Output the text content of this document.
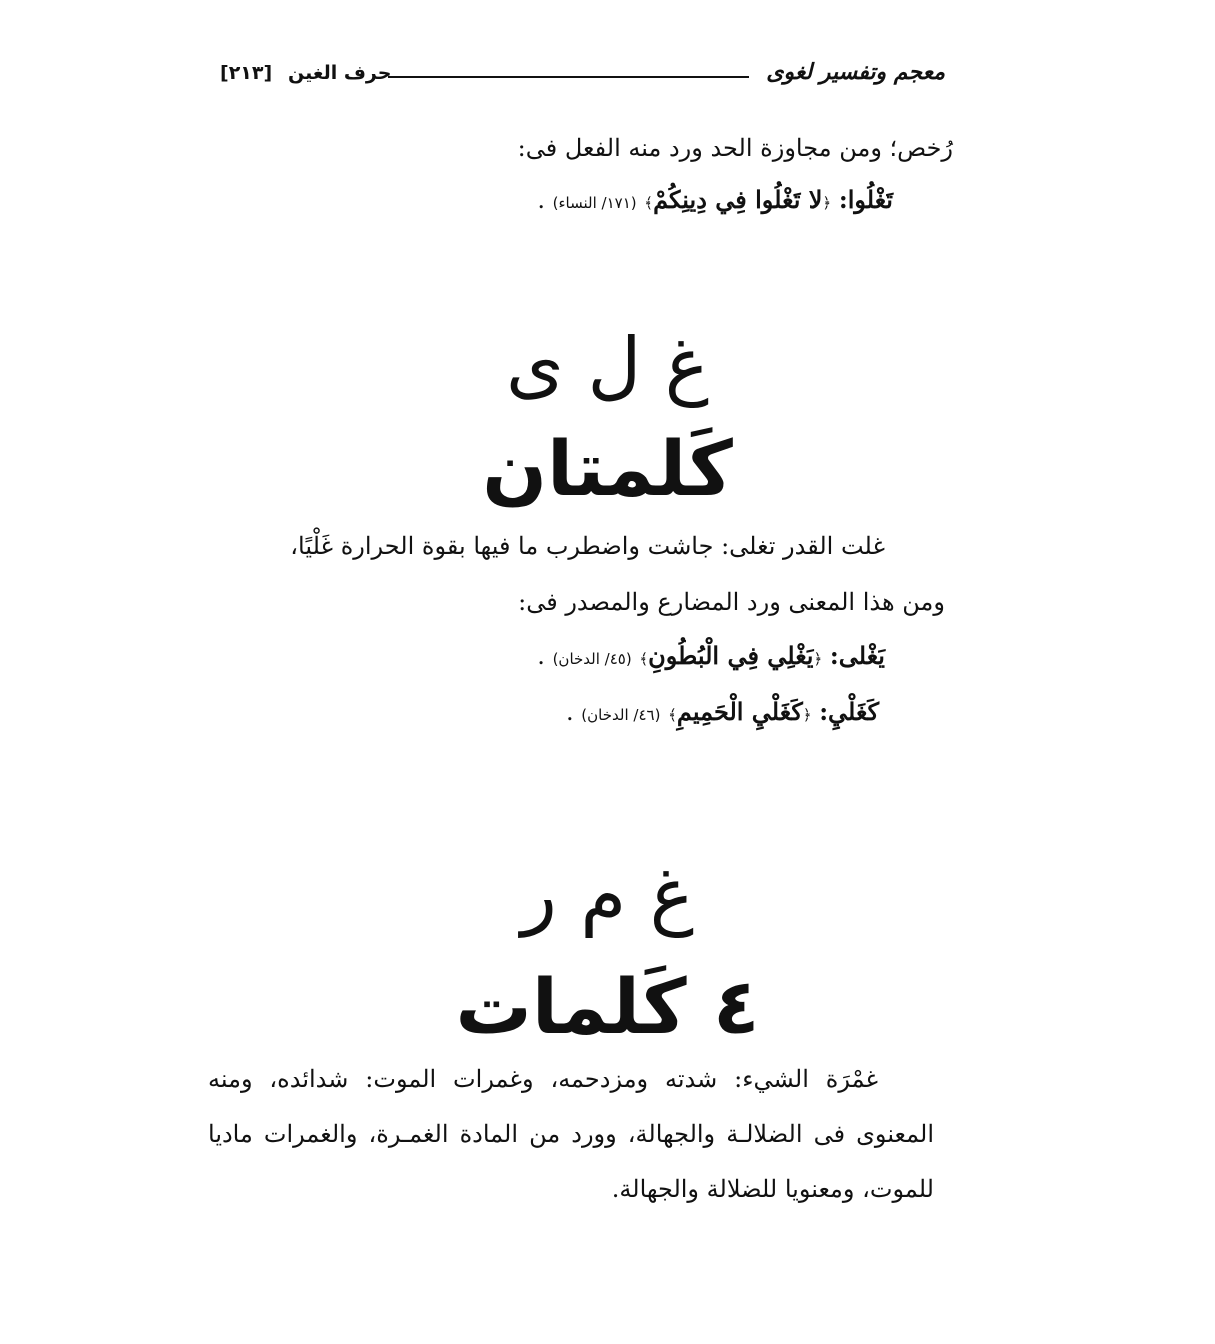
[٢١٣] حرف الغين	معجم وتفسير لغوى
رُخص؛ ومن مجاوزة الحد ورد منه الفعل فى:
تَغْلُوا: ﴿لا تَغْلُوا فِي دِينِكُمْ﴾ (١٧١/ النساء) .
غ ل ى
كَلمتان
غلت القدر تغلى: جاشت واضطرب ما فيها بقوة الحرارة غَلْيًا،
ومن هذا المعنى ورد المضارع والمصدر فى:
يَغْلى: ﴿يَغْلِي فِي الْبُطُونِ﴾ (٤٥/ الدخان) .
كَغَلْيِ: ﴿كَغَلْيِ الْحَمِيمِ﴾ (٤٦/ الدخان) .
غ م ر
٤ كَلمات
غمْرَة الشيء: شدته ومزدحمه، وغمرات الموت: شدائده، ومنه المعنوى فى الضلالـة والجهالة، وورد من المادة الغمـرة، والغمرات ماديا للموت، ومعنويا للضلالة والجهالة.
